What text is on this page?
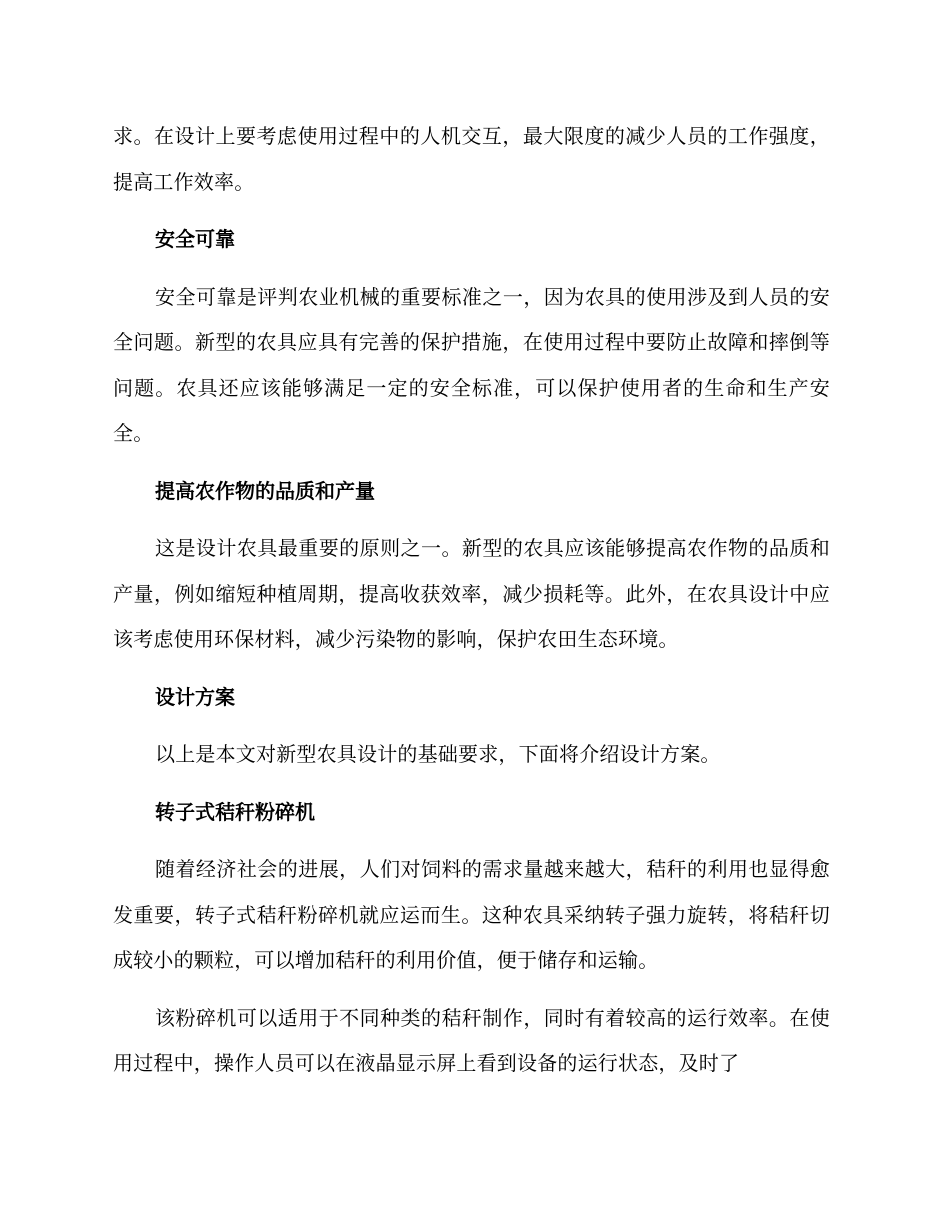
求。在设计上要考虑使用过程中的人机交互，最大限度的减少人员的工作强度，提高工作效率。

安全可靠

安全可靠是评判农业机械的重要标准之一，因为农具的使用涉及到人员的安全问题。新型的农具应具有完善的保护措施，在使用过程中要防止故障和摔倒等问题。农具还应该能够满足一定的安全标准，可以保护使用者的生命和生产安全。

提高农作物的品质和产量

这是设计农具最重要的原则之一。新型的农具应该能够提高农作物的品质和产量，例如缩短种植周期，提高收获效率，减少损耗等。此外，在农具设计中应该考虑使用环保材料，减少污染物的影响，保护农田生态环境。

设计方案

以上是本文对新型农具设计的基础要求，下面将介绍设计方案。

转子式秸秆粉碎机

随着经济社会的进展，人们对饲料的需求量越来越大，秸秆的利用也显得愈发重要，转子式秸秆粉碎机就应运而生。这种农具采纳转子强力旋转，将秸秆切成较小的颗粒，可以增加秸秆的利用价值，便于储存和运输。

该粉碎机可以适用于不同种类的秸秆制作，同时有着较高的运行效率。在使用过程中，操作人员可以在液晶显示屏上看到设备的运行状态，及时了
